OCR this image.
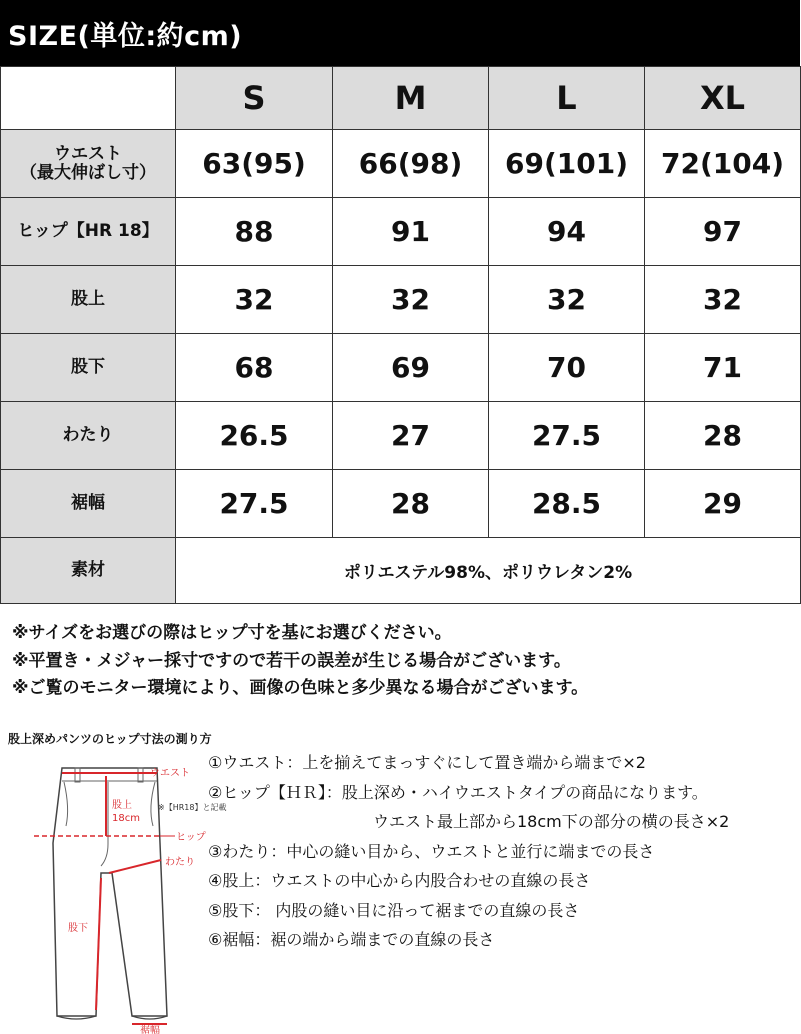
SIZE(単位:約cm)
	S	M	L	XL

ウエスト
（最大伸ばし寸）	63(95)	66(98)	69(101)	72(104)
ヒップ【HR 18】	88	91	94	97
股上	32	32	32	32
股下	68	69	70	71
わたり	26.5	27	27.5	28
裾幅	27.5	28	28.5	29
素材	ポリエステル98%、ポリウレタン2%			
※サイズをお選びの際はヒップ寸を基にお選びください。
※平置き・メジャー採寸ですので若干の誤差が生じる場合がございます。
※ご覧のモニター環境により、画像の色味と多少異なる場合がございます。
股上深めパンツのヒップ寸法の測り方
ウエスト
股上
18cm
※【HR18】と記載
ヒップ
わたり
股下
裾幅
①ウエスト：上を揃えてまっすぐにして置き端から端まで×2
②ヒップ【ＨＲ】：股上深め・ハイウエストタイプの商品になります。
ウエスト最上部から18cm下の部分の横の長さ×2
③わたり：中心の縫い目から、ウエストと並行に端までの長さ
④股上：ウエストの中心から内股合わせの直線の長さ
⑤股下： 内股の縫い目に沿って裾までの直線の長さ
⑥裾幅：裾の端から端までの直線の長さ
